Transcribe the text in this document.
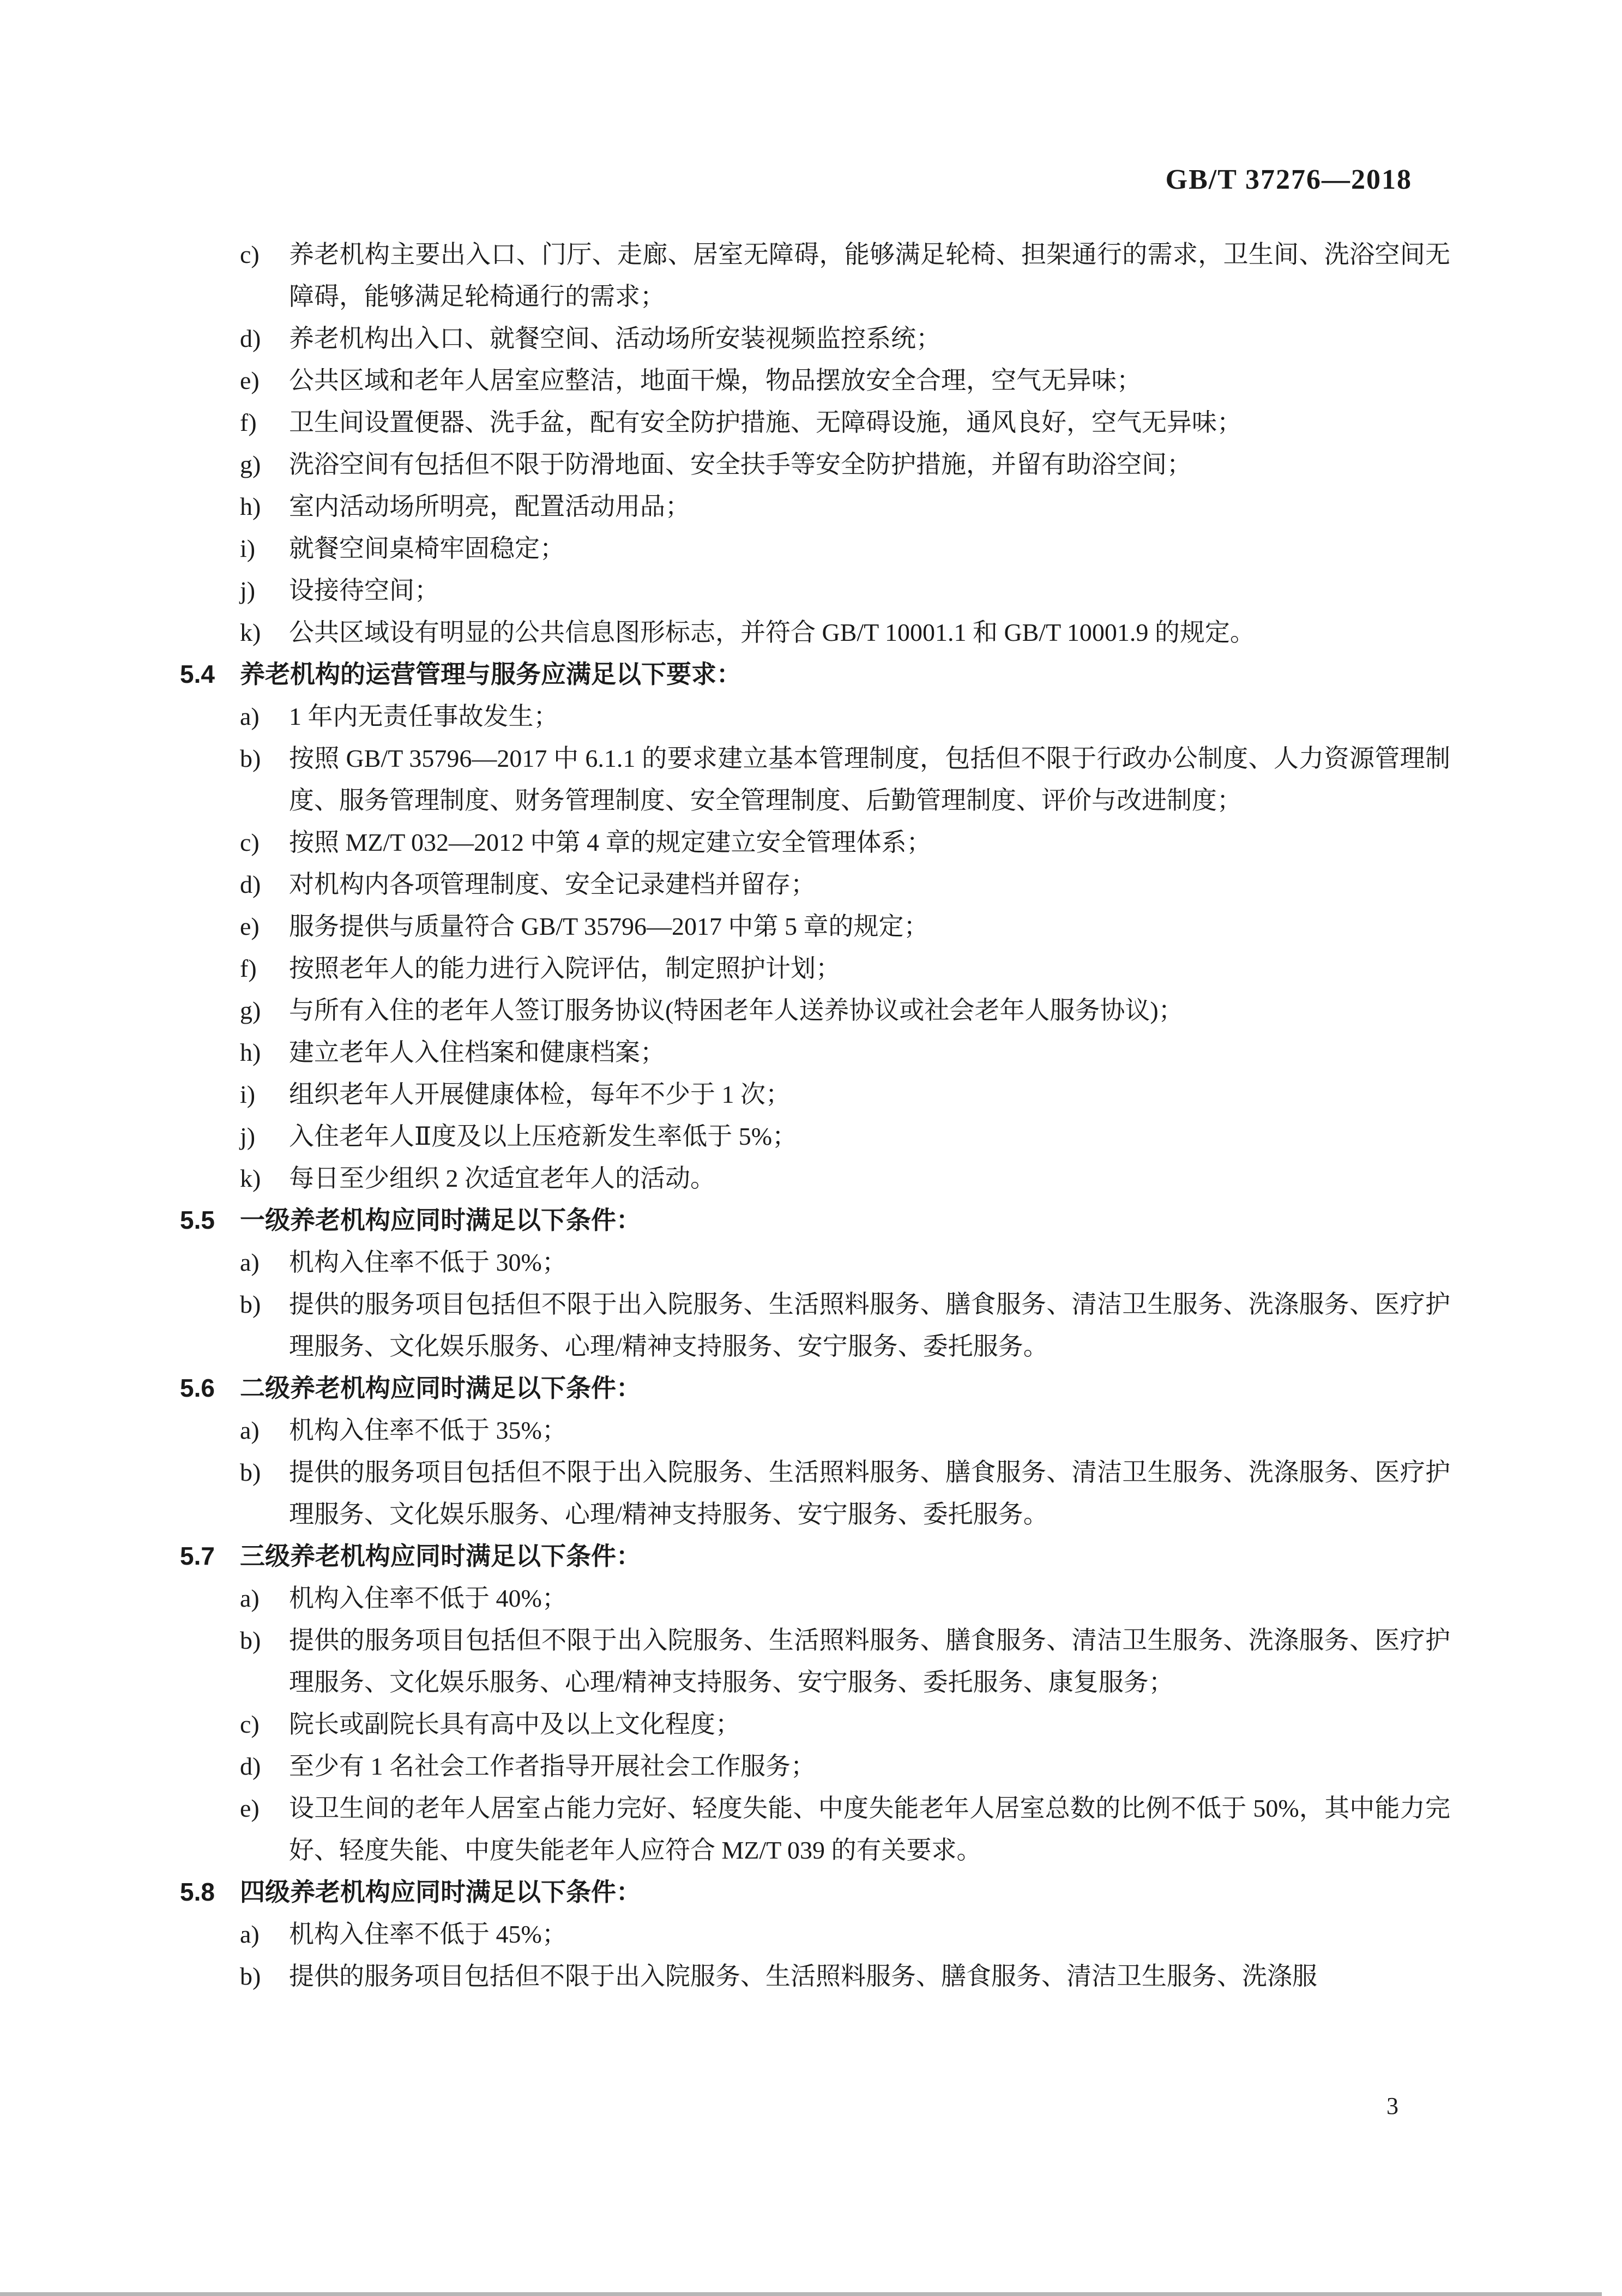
GB/T 37276—2018
c)	养老机构主要出入口、门厅、走廊、居室无障碍，能够满足轮椅、担架通行的需求，卫生间、洗浴空间无障碍，能够满足轮椅通行的需求；
d)	养老机构出入口、就餐空间、活动场所安装视频监控系统；
e)	公共区域和老年人居室应整洁，地面干燥，物品摆放安全合理，空气无异味；
f)	卫生间设置便器、洗手盆，配有安全防护措施、无障碍设施，通风良好，空气无异味；
g)	洗浴空间有包括但不限于防滑地面、安全扶手等安全防护措施，并留有助浴空间；
h)	室内活动场所明亮，配置活动用品；
i)	就餐空间桌椅牢固稳定；
j)	设接待空间；
k)	公共区域设有明显的公共信息图形标志，并符合 GB/T 10001.1 和 GB/T 10001.9 的规定。
5.4	养老机构的运营管理与服务应满足以下要求：
a)	1 年内无责任事故发生；
b)	按照 GB/T 35796—2017 中 6.1.1 的要求建立基本管理制度，包括但不限于行政办公制度、人力资源管理制度、服务管理制度、财务管理制度、安全管理制度、后勤管理制度、评价与改进制度；
c)	按照 MZ/T 032—2012 中第 4 章的规定建立安全管理体系；
d)	对机构内各项管理制度、安全记录建档并留存；
e)	服务提供与质量符合 GB/T 35796—2017 中第 5 章的规定；
f)	按照老年人的能力进行入院评估，制定照护计划；
g)	与所有入住的老年人签订服务协议(特困老年人送养协议或社会老年人服务协议)；
h)	建立老年人入住档案和健康档案；
i)	组织老年人开展健康体检，每年不少于 1 次；
j)	入住老年人Ⅱ度及以上压疮新发生率低于 5%；
k)	每日至少组织 2 次适宜老年人的活动。
5.5	一级养老机构应同时满足以下条件：
a)	机构入住率不低于 30%；
b)	提供的服务项目包括但不限于出入院服务、生活照料服务、膳食服务、清洁卫生服务、洗涤服务、医疗护理服务、文化娱乐服务、心理/精神支持服务、安宁服务、委托服务。
5.6	二级养老机构应同时满足以下条件：
a)	机构入住率不低于 35%；
b)	提供的服务项目包括但不限于出入院服务、生活照料服务、膳食服务、清洁卫生服务、洗涤服务、医疗护理服务、文化娱乐服务、心理/精神支持服务、安宁服务、委托服务。
5.7	三级养老机构应同时满足以下条件：
a)	机构入住率不低于 40%；
b)	提供的服务项目包括但不限于出入院服务、生活照料服务、膳食服务、清洁卫生服务、洗涤服务、医疗护理服务、文化娱乐服务、心理/精神支持服务、安宁服务、委托服务、康复服务；
c)	院长或副院长具有高中及以上文化程度；
d)	至少有 1 名社会工作者指导开展社会工作服务；
e)	设卫生间的老年人居室占能力完好、轻度失能、中度失能老年人居室总数的比例不低于 50%，其中能力完好、轻度失能、中度失能老年人应符合 MZ/T 039 的有关要求。
5.8	四级养老机构应同时满足以下条件：
a)	机构入住率不低于 45%；
b)	提供的服务项目包括但不限于出入院服务、生活照料服务、膳食服务、清洁卫生服务、洗涤服
3
